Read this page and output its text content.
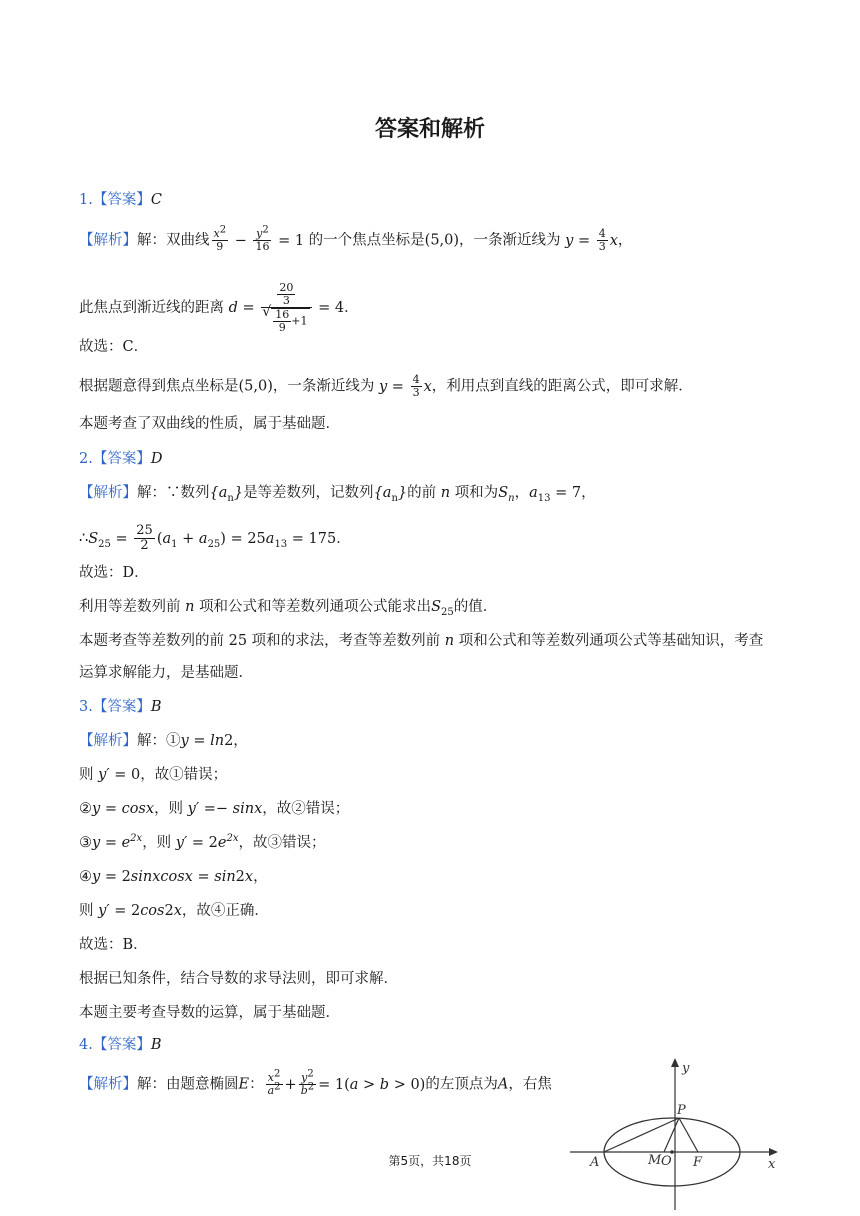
答案和解析
1.【答案】C
【解析】解：双曲线 $\frac{x^2}{9} - \frac{y^2}{16} = 1$ 的一个焦点坐标是(5,0)，一条渐近线为 $y = \frac{4}{3}$ x，
此焦点到渐近线的距离 $d = \frac{20}{3}$
√ $\frac{16}{9} +1 = 4$．
故选：C．
根据题意得到焦点坐标是(5,0)，一条渐近线为 $y = \frac{4}{3}$ x，利用点到直线的距离公式，即可求解．
本题考查了双曲线的性质，属于基础题．
2.【答案】D
【解析】解：∵数列$\{a_n\}$是等差数列，记数列$\{a_n\}$的前 n 项和为$S_n$，$a_{13} = 7$，
$\therefore S_{25} = \frac{25}{2} (a_1 + a_{25}) = 25a_{13} = 175$．
故选：D．
利用等差数列前 n 项和公式和等差数列通项公式能求出$S_{25}$的值．
本题考查等差数列的前 25 项和的求法，考查等差数列前 n 项和公式和等差数列通项公式等基础知识，考查
运算求解能力，是基础题．
3.【答案】B
【解析】解：①y = ln2，
则 y′ = 0，故①错误；
②y = cosx，则 y′ =− sinx，故②错误；
③y = $e^{2x}$，则 $y' = 2e^{2x}$，故③错误；
④y = 2sinxcosx = sin2x，
则 y′ = 2cos2x，故④正确．
故选：B．
根据已知条件，结合导数的求导法则，即可求解．
本题主要考查导数的运算，属于基础题．
4.【答案】B
【解析】解：由题意椭圆E： $\frac{x^2}{a^2} + \frac{y^2}{b^2} = 1(a > b > 0)$的左顶点为A，右焦
A	M O F
P
x
y
第5页，共18页
